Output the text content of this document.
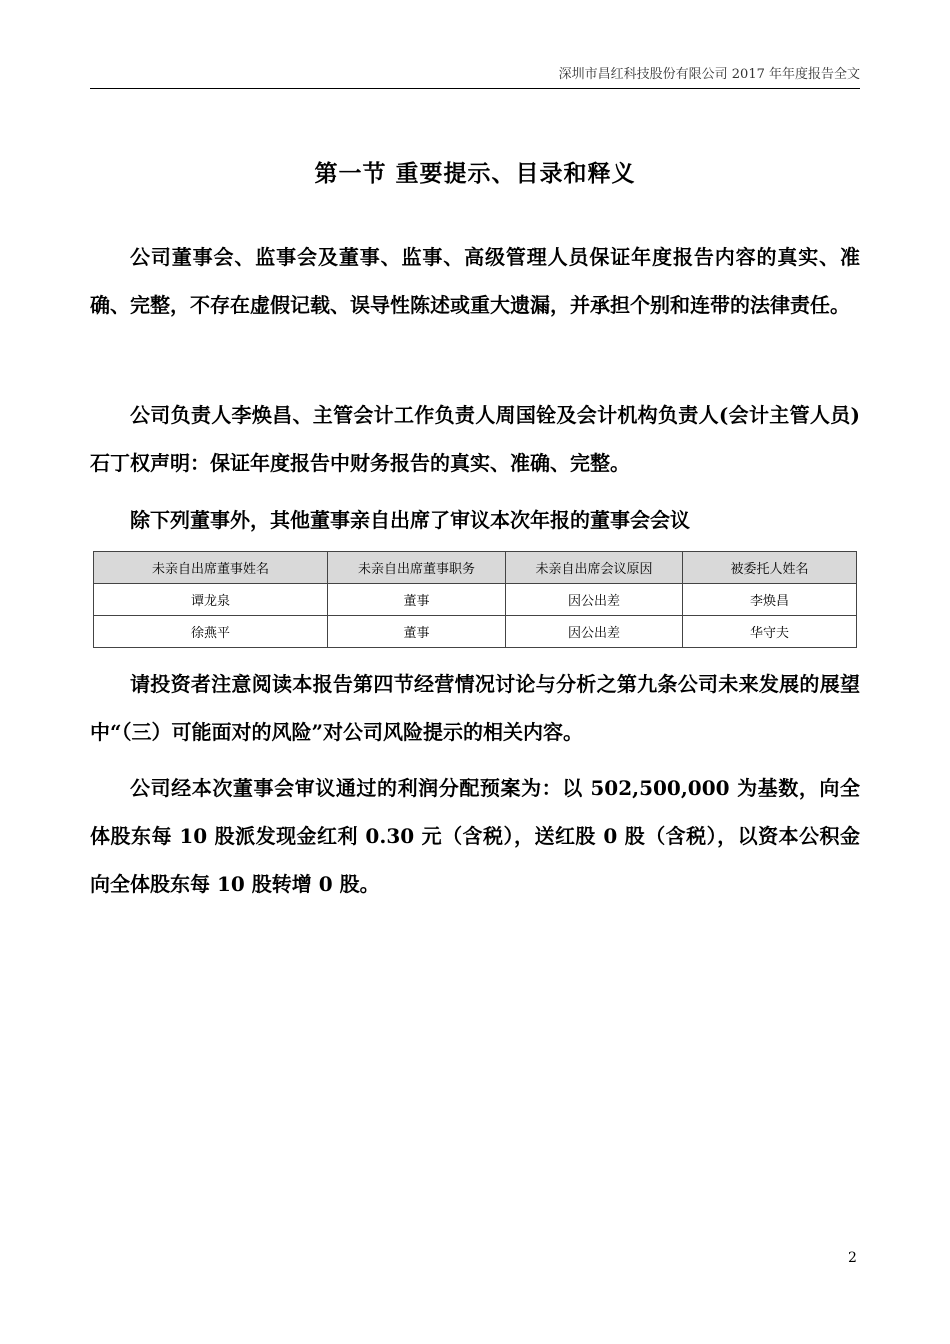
深圳市昌红科技股份有限公司 2017 年年度报告全文
第一节 重要提示、目录和释义

公司董事会、监事会及董事、监事、高级管理人员保证年度报告内容的真实、准确、完整，不存在虚假记载、误导性陈述或重大遗漏，并承担个别和连带的法律责任。

公司负责人李焕昌、主管会计工作负责人周国铨及会计机构负责人(会计主管人员)石丁权声明：保证年度报告中财务报告的真实、准确、完整。

除下列董事外，其他董事亲自出席了审议本次年报的董事会会议

未亲自出席董事姓名	未亲自出席董事职务	未亲自出席会议原因	被委托人姓名
谭龙泉	董事	因公出差	李焕昌
徐燕平	董事	因公出差	华守夫

请投资者注意阅读本报告第四节经营情况讨论与分析之第九条公司未来发展的展望中“（三）可能面对的风险”对公司风险提示的相关内容。

公司经本次董事会审议通过的利润分配预案为：以 502,500,000 为基数，向全体股东每 10 股派发现金红利 0.30 元（含税），送红股 0 股（含税），以资本公积金向全体股东每 10 股转增 0 股。

2
